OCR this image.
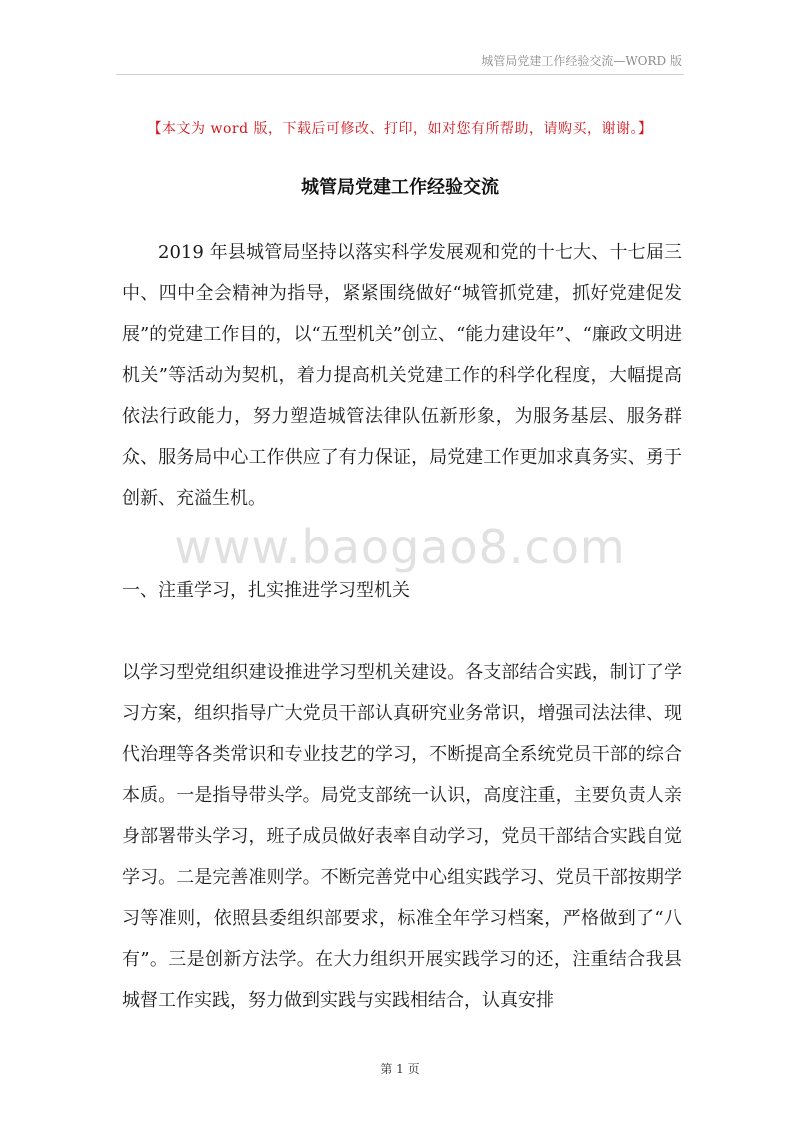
城管局党建工作经验交流—WORD 版
【本文为 word 版，下载后可修改、打印，如对您有所帮助，请购买，谢谢。】
城管局党建工作经验交流
2019 年县城管局坚持以落实科学发展观和党的十七大、十七届三中、四中全会精神为指导，紧紧围绕做好“城管抓党建，抓好党建促发展”的党建工作目的，以“五型机关”创立、“能力建设年”、“廉政文明进机关”等活动为契机，着力提高机关党建工作的科学化程度，大幅提高依法行政能力，努力塑造城管法律队伍新形象，为服务基层、服务群众、服务局中心工作供应了有力保证，局党建工作更加求真务实、勇于创新、充溢生机。
www.baogao8.com
一、注重学习，扎实推进学习型机关
以学习型党组织建设推进学习型机关建设。各支部结合实践，制订了学习方案，组织指导广大党员干部认真研究业务常识，增强司法法律、现代治理等各类常识和专业技艺的学习，不断提高全系统党员干部的综合本质。一是指导带头学。局党支部统一认识，高度注重，主要负责人亲身部署带头学习，班子成员做好表率自动学习，党员干部结合实践自觉学习。二是完善准则学。不断完善党中心组实践学习、党员干部按期学习等准则，依照县委组织部要求，标准全年学习档案，严格做到了“八有”。三是创新方法学。在大力组织开展实践学习的还，注重结合我县城督工作实践，努力做到实践与实践相结合，认真安排
第 1 页
